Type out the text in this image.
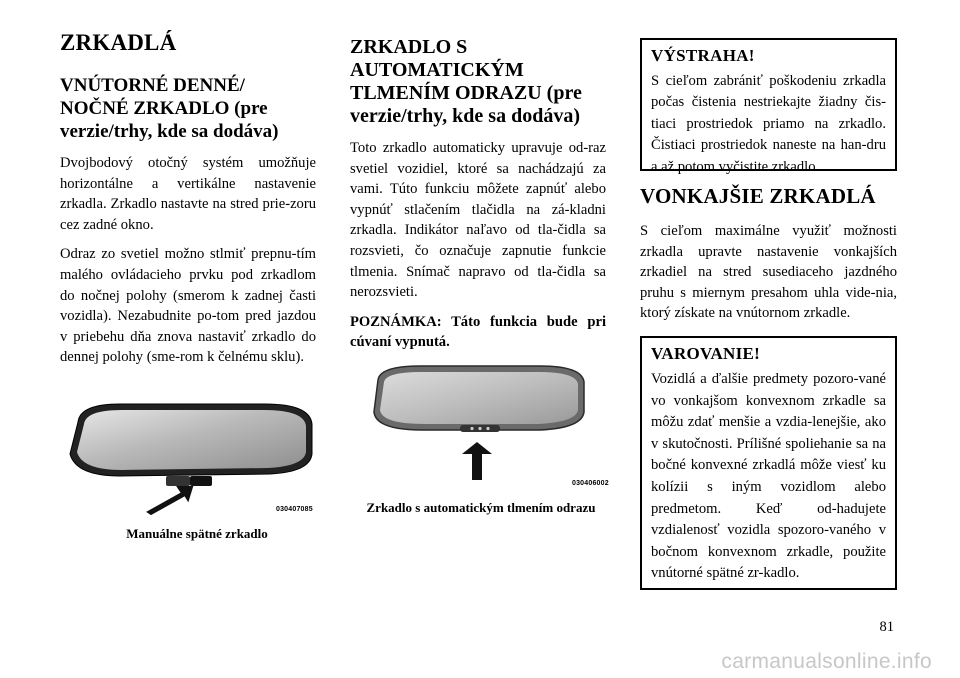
ZRKADLÁ
VNÚTORNÉ DENNÉ/ NOČNÉ ZRKADLO (pre verzie/trhy, kde sa dodáva)

Dvojbodový otočný systém umožňuje horizontálne a vertikálne nastavenie zrkadla. Zrkadlo nastavte na stred prie-zoru cez zadné okno.

Odraz zo svetiel možno stlmiť prepnu-tím malého ovládacieho prvku pod zrkadlom do nočnej polohy (smerom k zadnej časti vozidla). Nezabudnite po-tom pred jazdou v priebehu dňa znova nastaviť zrkadlo do dennej polohy (sme-rom k čelnému sklu).

030407085
Manuálne spätné zrkadlo
ZRKADLO S AUTOMATICKÝM TLMENÍM ODRAZU (pre verzie/trhy, kde sa dodáva)

Toto zrkadlo automaticky upravuje od-raz svetiel vozidiel, ktoré sa nachádzajú za vami. Túto funkciu môžete zapnúť alebo vypnúť stlačením tlačidla na zá-kladni zrkadla. Indikátor naľavo od tla-čidla sa rozsvieti, čo označuje zapnutie funkcie tlmenia. Snímač napravo od tla-čidla sa nerozsvieti.

POZNÁMKA: Táto funkcia bude pri cúvaní vypnutá.

030406002
Zrkadlo s automatickým tlmením odrazu
VÝSTRAHA!

S cieľom zabrániť poškodeniu zrkadla počas čistenia nestriekajte žiadny čis-tiaci prostriedok priamo na zrkadlo. Čistiaci prostriedok naneste na han-dru a až potom vyčistite zrkadlo.

VONKAJŠIE ZRKADLÁ

S cieľom maximálne využiť možnosti zrkadla upravte nastavenie vonkajších zrkadiel na stred susediaceho jazdného pruhu s miernym presahom uhla vide-nia, ktorý získate na vnútornom zrkadle.

VAROVANIE!

Vozidlá a ďalšie predmety pozoro-vané vo vonkajšom konvexnom zrkadle sa môžu zdať menšie a vzdia-lenejšie, ako v skutočnosti. Prílišné spoliehanie sa na bočné konvexné zrkadlá môže viesť ku kolízii s iným vozidlom alebo predmetom. Keď od-hadujete vzdialenosť vozidla spozoro-vaného v bočnom konvexnom zrkadle, použite vnútorné spätné zr-kadlo.

81
carmanualsonline.info
